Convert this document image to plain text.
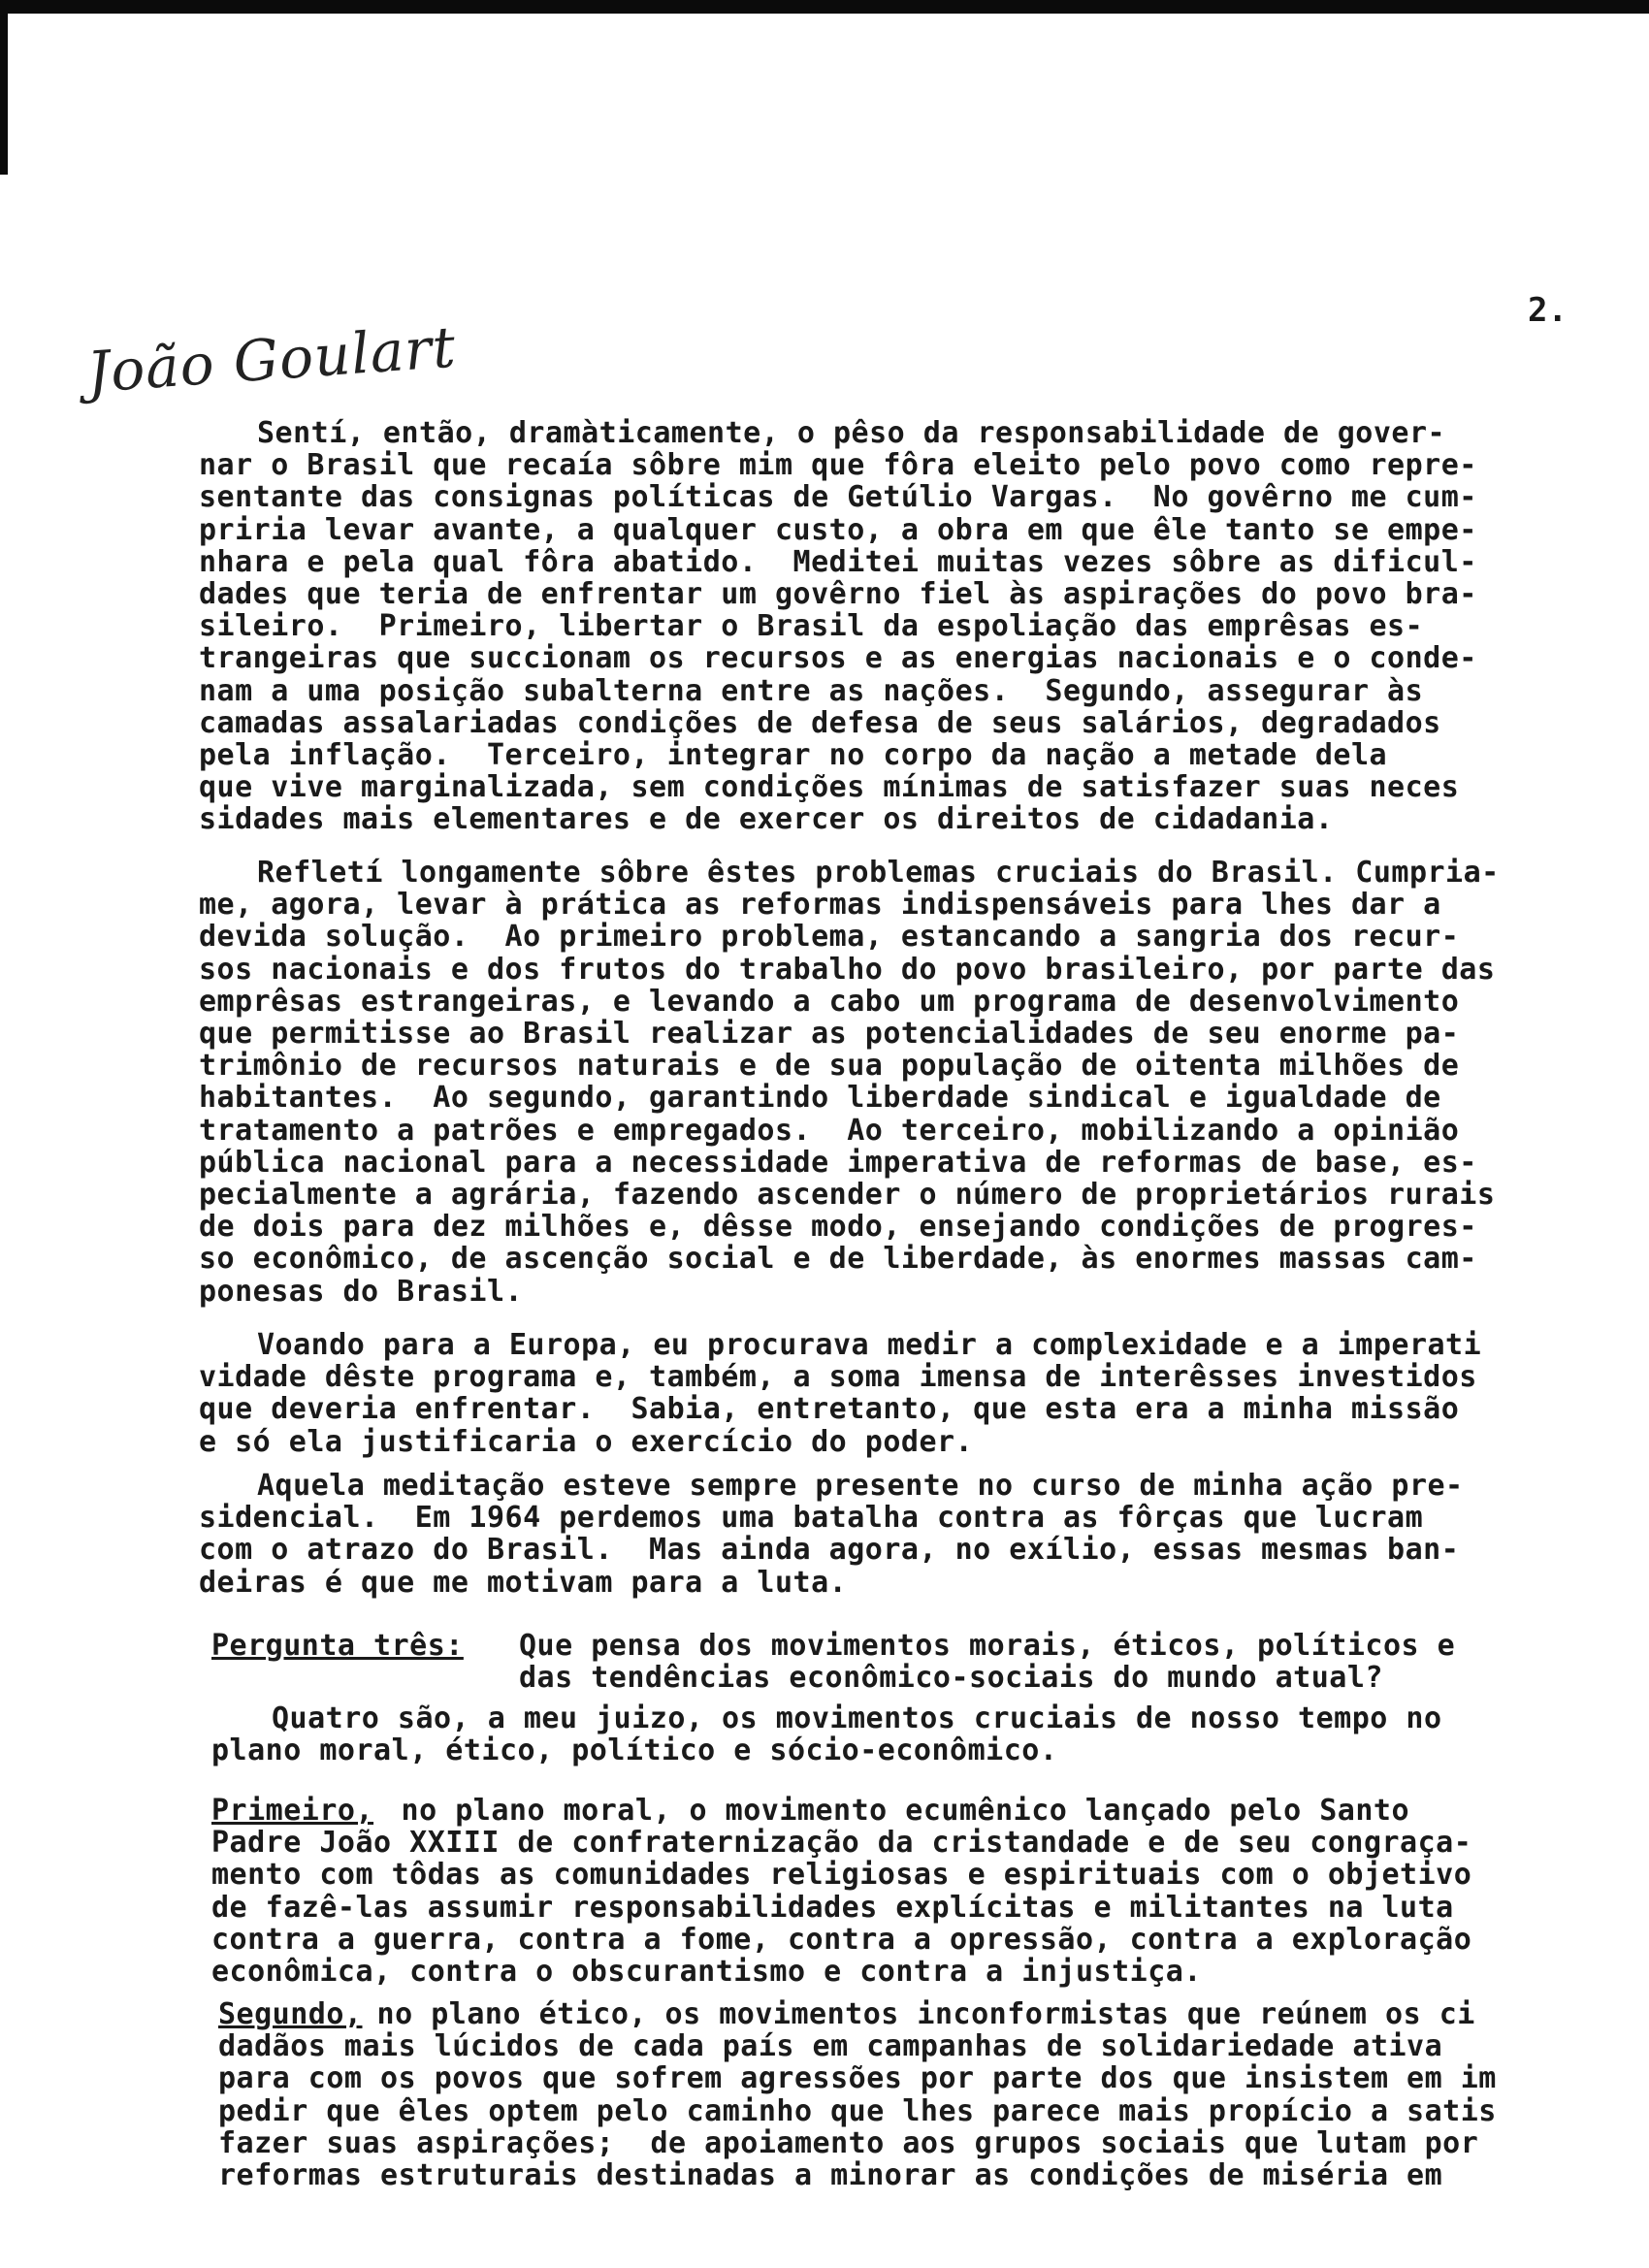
2.
João Goulart
Sentí, então, dramàticamente, o pêso da responsabilidade de gover-
nar o Brasil que recaía sôbre mim que fôra eleito pelo povo como repre-
sentante das consignas políticas de Getúlio Vargas.  No govêrno me cum-
priria levar avante, a qualquer custo, a obra em que êle tanto se empe-
nhara e pela qual fôra abatido.  Meditei muitas vezes sôbre as dificul-
dades que teria de enfrentar um govêrno fiel às aspirações do povo bra-
sileiro.  Primeiro, libertar o Brasil da espoliação das emprêsas es-
trangeiras que succionam os recursos e as energias nacionais e o conde-
nam a uma posição subalterna entre as nações.  Segundo, assegurar às
camadas assalariadas condições de defesa de seus salários, degradados
pela inflação.  Terceiro, integrar no corpo da nação a metade dela
que vive marginalizada, sem condições mínimas de satisfazer suas neces
sidades mais elementares e de exercer os direitos de cidadania.
Refletí longamente sôbre êstes problemas cruciais do Brasil. Cumpria-
me, agora, levar à prática as reformas indispensáveis para lhes dar a
devida solução.  Ao primeiro problema, estancando a sangria dos recur-
sos nacionais e dos frutos do trabalho do povo brasileiro, por parte das
emprêsas estrangeiras, e levando a cabo um programa de desenvolvimento
que permitisse ao Brasil realizar as potencialidades de seu enorme pa-
trimônio de recursos naturais e de sua população de oitenta milhões de
habitantes.  Ao segundo, garantindo liberdade sindical e igualdade de
tratamento a patrões e empregados.  Ao terceiro, mobilizando a opinião
pública nacional para a necessidade imperativa de reformas de base, es-
pecialmente a agrária, fazendo ascender o número de proprietários rurais
de dois para dez milhões e, dêsse modo, ensejando condições de progres-
so econômico, de ascenção social e de liberdade, às enormes massas cam-
ponesas do Brasil.
Voando para a Europa, eu procurava medir a complexidade e a imperati
vidade dêste programa e, também, a soma imensa de interêsses investidos
que deveria enfrentar.  Sabia, entretanto, que esta era a minha missão
e só ela justificaria o exercício do poder.
Aquela meditação esteve sempre presente no curso de minha ação pre-
sidencial.  Em 1964 perdemos uma batalha contra as fôrças que lucram
com o atrazo do Brasil.  Mas ainda agora, no exílio, essas mesmas ban-
deiras é que me motivam para a luta.
Pergunta três: Que pensa dos movimentos morais, éticos, políticos e
das tendências econômico-sociais do mundo atual?
Quatro são, a meu juizo, os movimentos cruciais de nosso tempo no
plano moral, ético, político e sócio-econômico.
Primeiro, no plano moral, o movimento ecumênico lançado pelo Santo
Padre João XXIII de confraternização da cristandade e de seu congraça-
mento com tôdas as comunidades religiosas e espirituais com o objetivo
de fazê-las assumir responsabilidades explícitas e militantes na luta
contra a guerra, contra a fome, contra a opressão, contra a exploração
econômica, contra o obscurantismo e contra a injustiça.
Segundo,
no plano ético, os movimentos inconformistas que reúnem os ci
dadãos mais lúcidos de cada país em campanhas de solidariedade ativa
para com os povos que sofrem agressões por parte dos que insistem em im
pedir que êles optem pelo caminho que lhes parece mais propício a satis
fazer suas aspirações;  de apoiamento aos grupos sociais que lutam por
reformas estruturais destinadas a minorar as condições de miséria em
